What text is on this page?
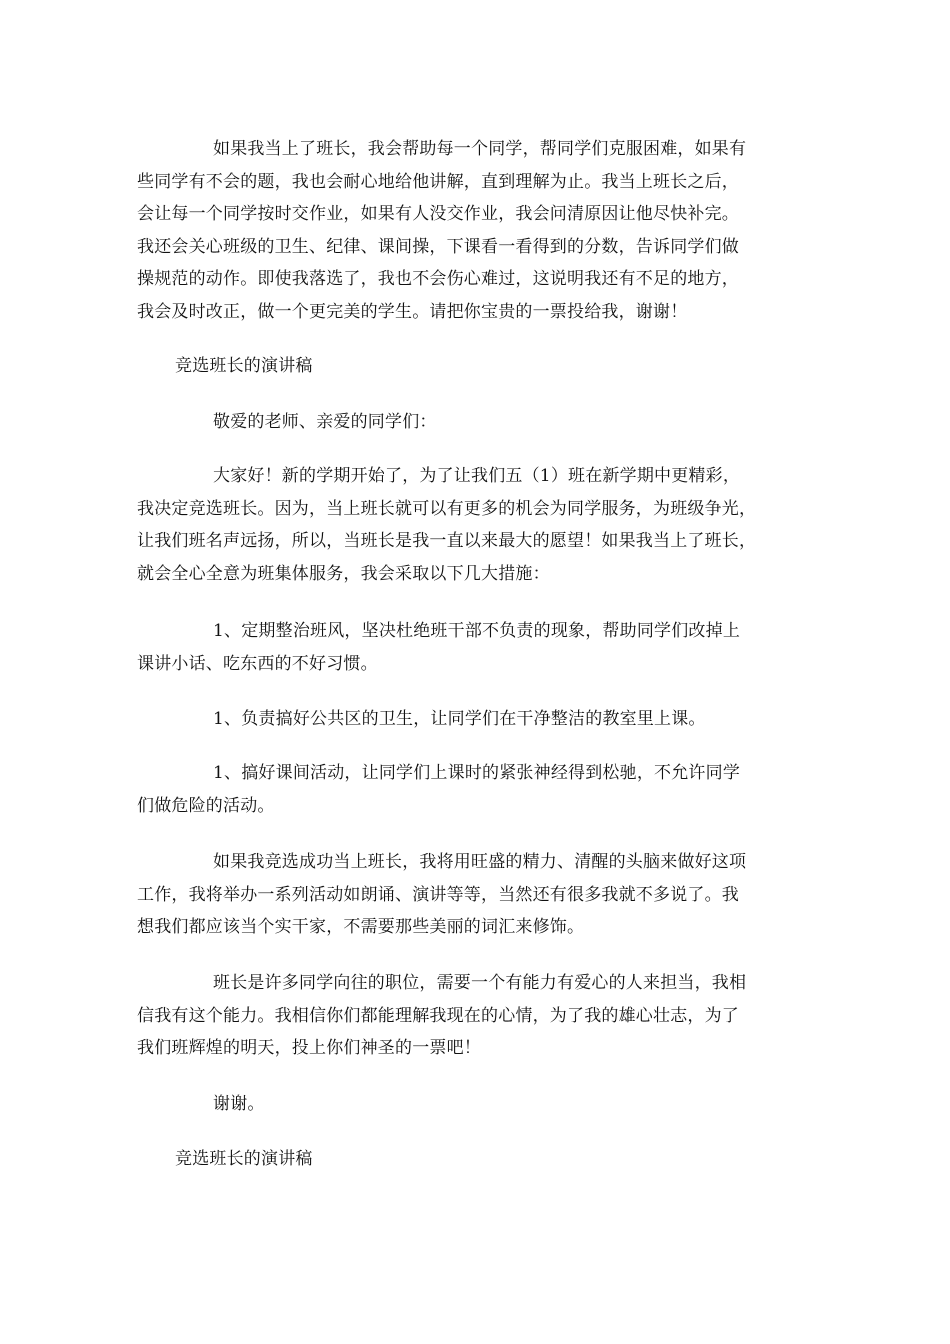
如果我当上了班长，我会帮助每一个同学，帮同学们克服困难，如果有
些同学有不会的题，我也会耐心地给他讲解，直到理解为止。我当上班长之后，
会让每一个同学按时交作业，如果有人没交作业，我会问清原因让他尽快补完。
我还会关心班级的卫生、纪律、课间操，下课看一看得到的分数，告诉同学们做
操规范的动作。即使我落选了，我也不会伤心难过，这说明我还有不足的地方，
我会及时改正，做一个更完美的学生。请把你宝贵的一票投给我，谢谢！

竞选班长的演讲稿

敬爱的老师、亲爱的同学们：

大家好！新的学期开始了，为了让我们五（1）班在新学期中更精彩，
我决定竞选班长。因为，当上班长就可以有更多的机会为同学服务，为班级争光，
让我们班名声远扬，所以，当班长是我一直以来最大的愿望！如果我当上了班长，
就会全心全意为班集体服务，我会采取以下几大措施：

1、定期整治班风，坚决杜绝班干部不负责的现象，帮助同学们改掉上
课讲小话、吃东西的不好习惯。

1、负责搞好公共区的卫生，让同学们在干净整洁的教室里上课。

1、搞好课间活动，让同学们上课时的紧张神经得到松驰，不允许同学
们做危险的活动。

如果我竞选成功当上班长，我将用旺盛的精力、清醒的头脑来做好这项
工作，我将举办一系列活动如朗诵、演讲等等，当然还有很多我就不多说了。我
想我们都应该当个实干家，不需要那些美丽的词汇来修饰。

班长是许多同学向往的职位，需要一个有能力有爱心的人来担当，我相
信我有这个能力。我相信你们都能理解我现在的心情，为了我的雄心壮志，为了
我们班辉煌的明天，投上你们神圣的一票吧！

谢谢。

竞选班长的演讲稿
